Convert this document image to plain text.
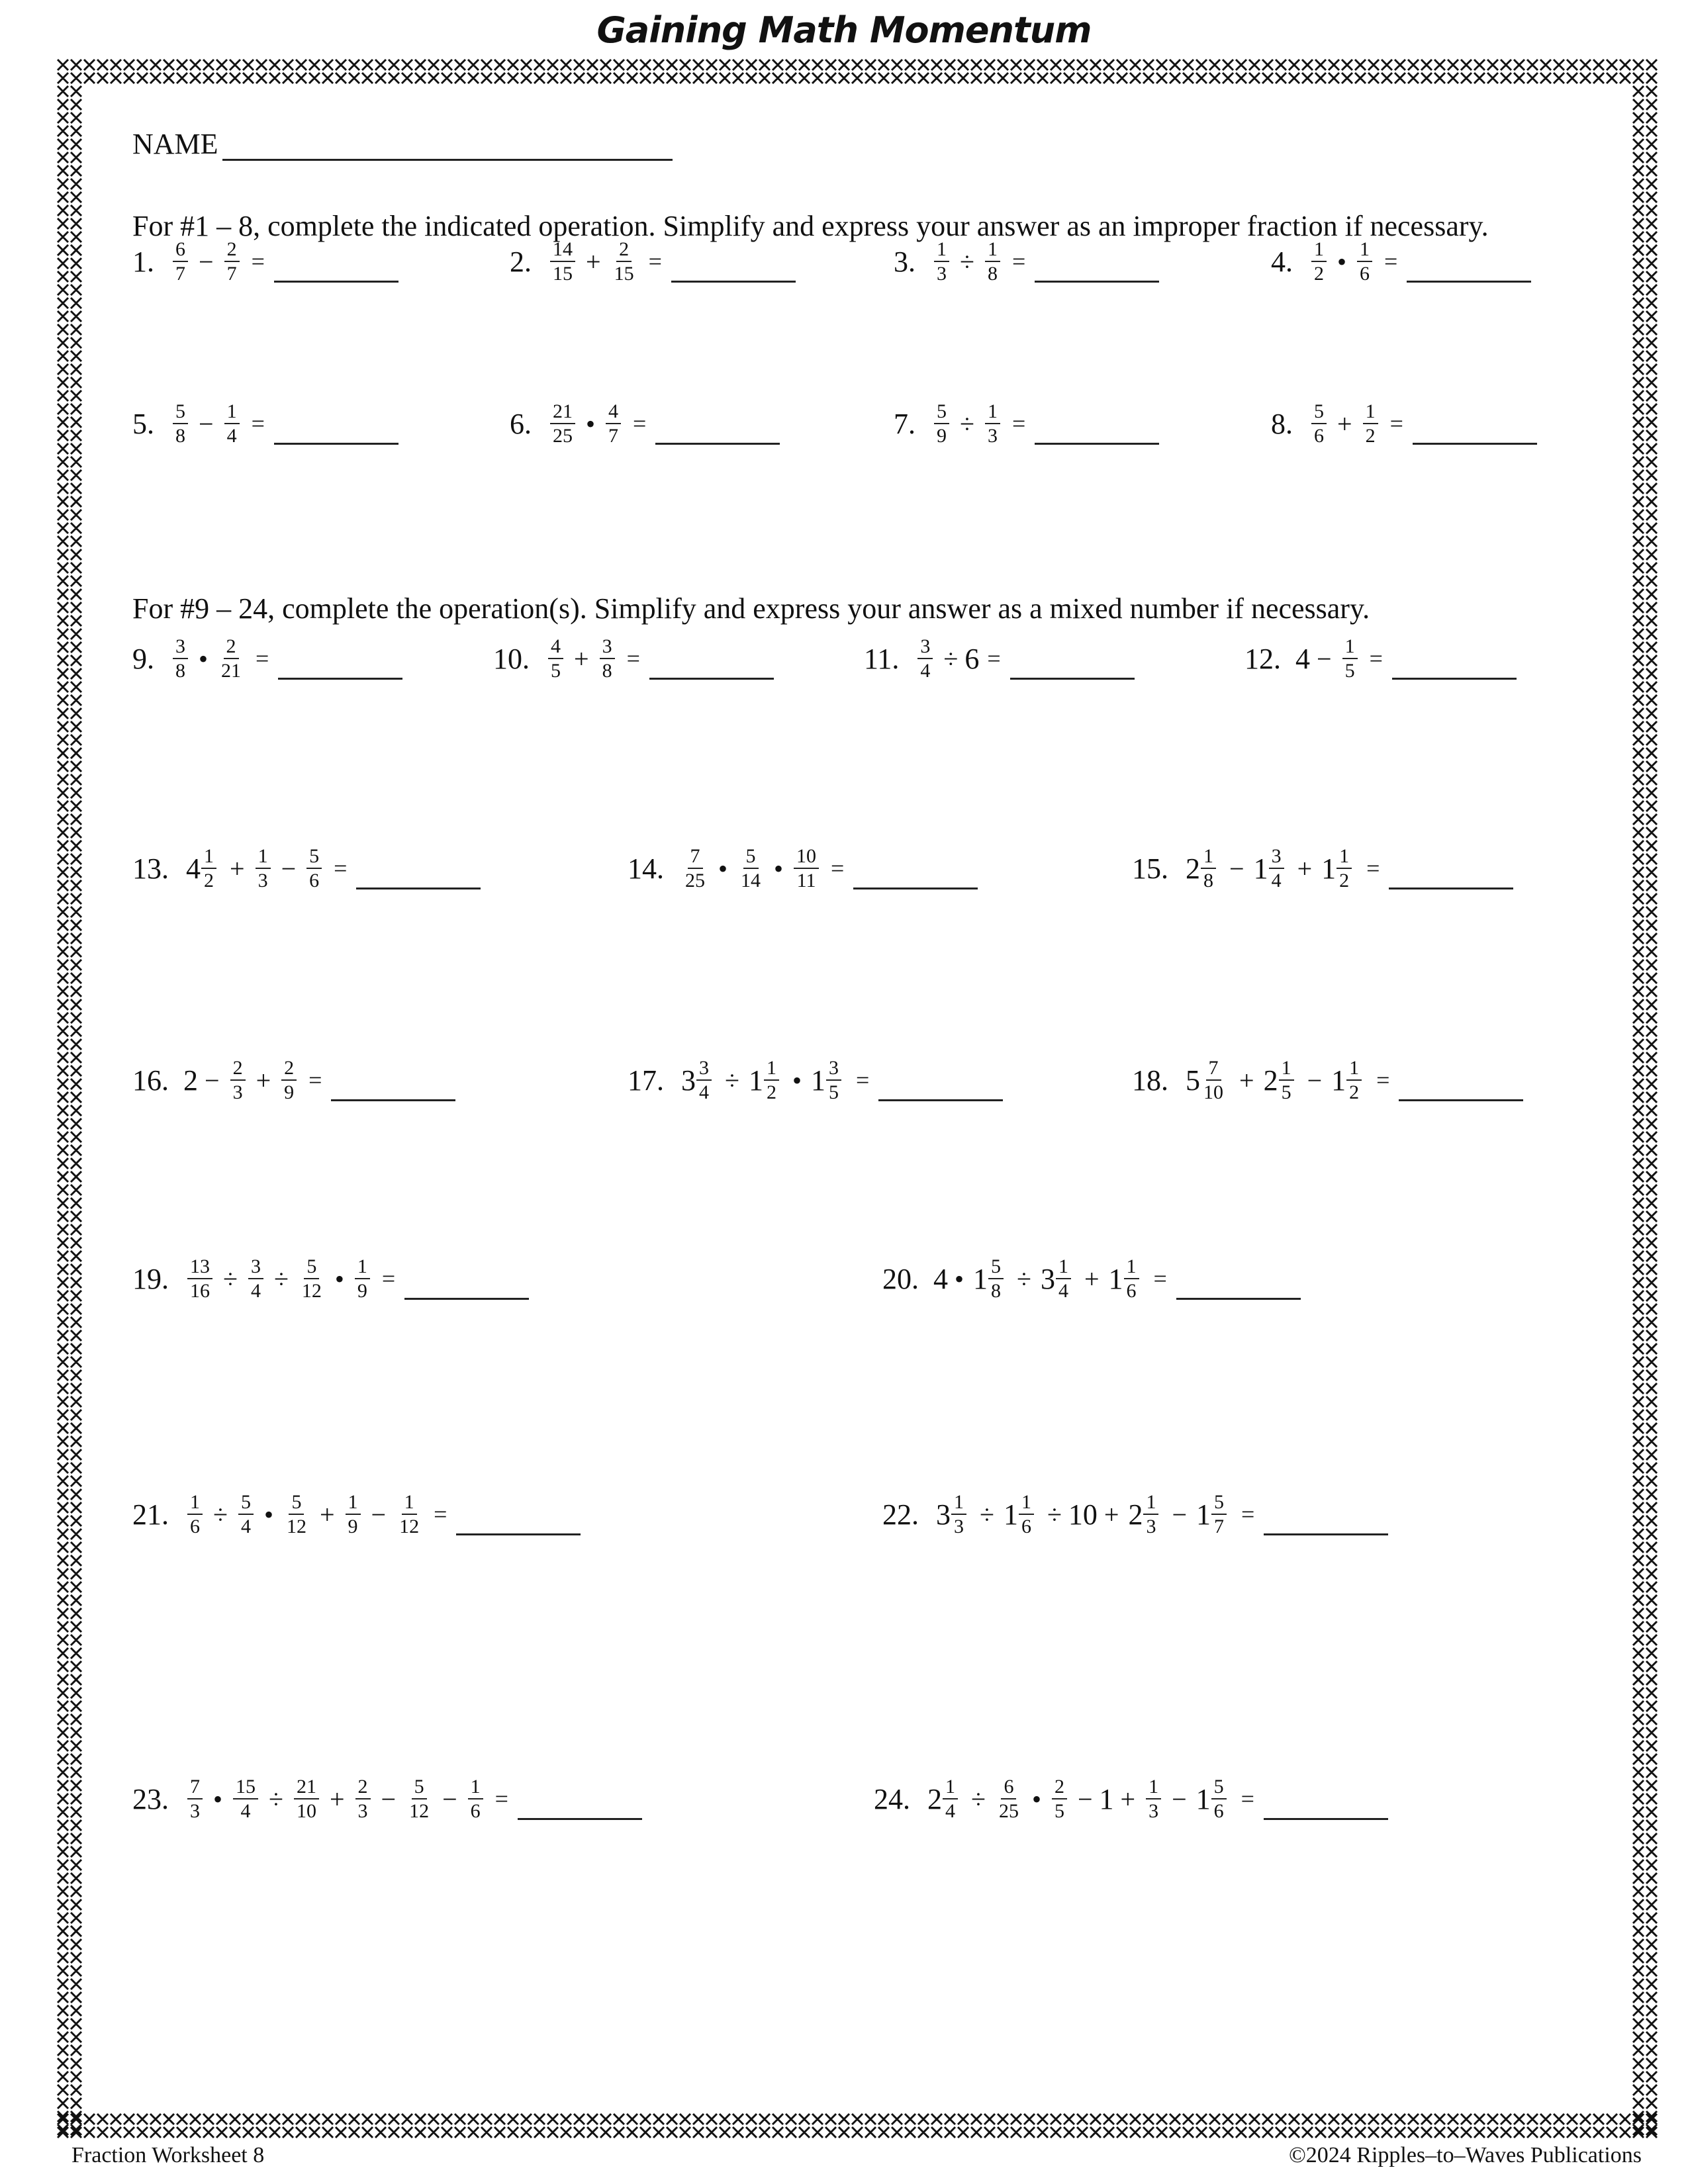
Gaining Math Momentum
NAME
For #1 – 8, complete the indicated operation. Simplify and express your answer as an improper fraction if necessary.
For #9 – 24, complete the operation(s). Simplify and express your answer as a mixed number if necessary.
1. $\frac{6}{7} - \frac{2}{7}$ =	2. $\frac{14}{15} + \frac{2}{15}$ =	3. $\frac{1}{3} \div \frac{1}{8}$ =	4. $\frac{1}{2}$ • $\frac{1}{6}$ =
5. $\frac{5}{8} - \frac{1}{4}$ =	6. $\frac{21}{25}$ • $\frac{4}{7}$ =	7. $\frac{5}{9} \div \frac{1}{3}$ =	8. $\frac{5}{6} + \frac{1}{2}$ =
9. $\frac{3}{8}$ • $\frac{2}{21}$ =	10. $\frac{4}{5} + \frac{3}{8}$ =	11. $\frac{3}{4} \div 6$ =	12. $4 - \frac{1}{5}$ =
13. $4 \frac{1}{2} + \frac{1}{3} - \frac{5}{6}$ =	14. $\frac{7}{25}$ • $\frac{5}{14}$ • $\frac{10}{11}$ =	15. $2 \frac{1}{8} - 1 \frac{3}{4} + 1 \frac{1}{2}$ =
16. $2 - \frac{2}{3} + \frac{2}{9}$ =	17. $3 \frac{3}{4} \div 1 \frac{1}{2}$ • $1 \frac{3}{5}$ =	18. $5 \frac{7}{10} + 2 \frac{1}{5} - 1 \frac{1}{2}$ =
19. $\frac{13}{16} \div \frac{3}{4} \div \frac{5}{12}$ • $\frac{1}{9}$ =	20. 4 • $1 \frac{5}{8} \div 3 \frac{1}{4} + 1 \frac{1}{6}$ =
21. $\frac{1}{6} \div \frac{5}{4}$ • $\frac{5}{12} + \frac{1}{9} - \frac{1}{12}$ =	22. $3 \frac{1}{3} \div 1 \frac{1}{6} \div 10 + 2 \frac{1}{3} - 1 \frac{5}{7}$ =
23. $\frac{7}{3}$ • $\frac{15}{4} \div \frac{21}{10} + \frac{2}{3} - \frac{5}{12} - \frac{1}{6}$ =	24. $2 \frac{1}{4} \div \frac{6}{25}$ • $\frac{2}{5} - 1 + \frac{1}{3} - 1 \frac{5}{6}$ =
Fraction Worksheet 8	©2024 Ripples–to–Waves Publications
